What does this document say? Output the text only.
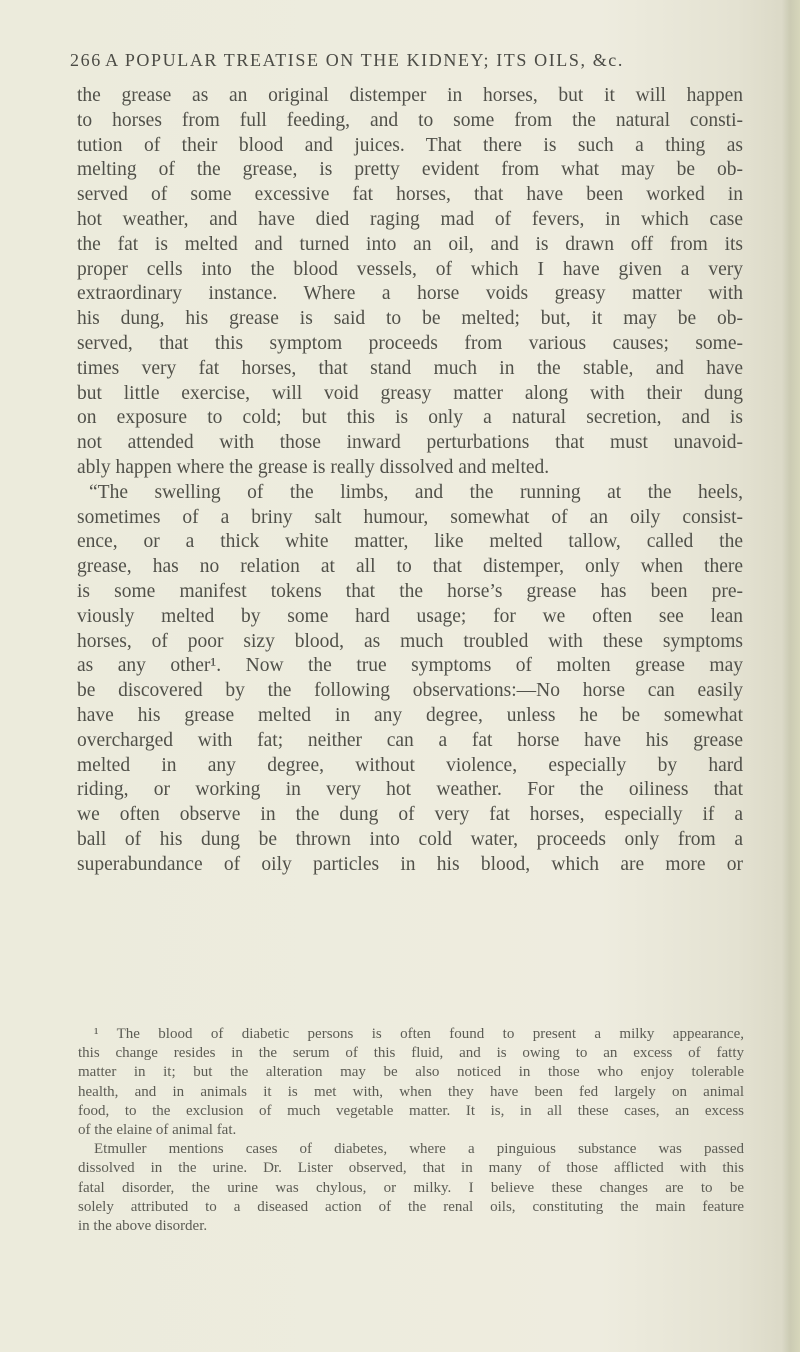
266 A POPULAR TREATISE ON THE KIDNEY; ITS OILS, &c.
the grease as an original distemper in horses, but it will happen
to horses from full feeding, and to some from the natural consti-
tution of their blood and juices. That there is such a thing as
melting of the grease, is pretty evident from what may be ob-
served of some excessive fat horses, that have been worked in
hot weather, and have died raging mad of fevers, in which case
the fat is melted and turned into an oil, and is drawn off from its
proper cells into the blood vessels, of which I have given a very
extraordinary instance. Where a horse voids greasy matter with
his dung, his grease is said to be melted; but, it may be ob-
served, that this symptom proceeds from various causes; some-
times very fat horses, that stand much in the stable, and have
but little exercise, will void greasy matter along with their dung
on exposure to cold; but this is only a natural secretion, and is
not attended with those inward perturbations that must unavoid-
ably happen where the grease is really dissolved and melted.
“The swelling of the limbs, and the running at the heels,
sometimes of a briny salt humour, somewhat of an oily consist-
ence, or a thick white matter, like melted tallow, called the
grease, has no relation at all to that distemper, only when there
is some manifest tokens that the horse’s grease has been pre-
viously melted by some hard usage; for we often see lean
horses, of poor sizy blood, as much troubled with these symptoms
as any other¹. Now the true symptoms of molten grease may
be discovered by the following observations:—No horse can easily
have his grease melted in any degree, unless he be somewhat
overcharged with fat; neither can a fat horse have his grease
melted in any degree, without violence, especially by hard
riding, or working in very hot weather. For the oiliness that
we often observe in the dung of very fat horses, especially if a
ball of his dung be thrown into cold water, proceeds only from a
superabundance of oily particles in his blood, which are more or
¹ The blood of diabetic persons is often found to present a milky appearance,
this change resides in the serum of this fluid, and is owing to an excess of fatty
matter in it; but the alteration may be also noticed in those who enjoy tolerable
health, and in animals it is met with, when they have been fed largely on animal
food, to the exclusion of much vegetable matter. It is, in all these cases, an excess
of the elaine of animal fat.
Etmuller mentions cases of diabetes, where a pinguious substance was passed
dissolved in the urine. Dr. Lister observed, that in many of those afflicted with this
fatal disorder, the urine was chylous, or milky. I believe these changes are to be
solely attributed to a diseased action of the renal oils, constituting the main feature
in the above disorder.
